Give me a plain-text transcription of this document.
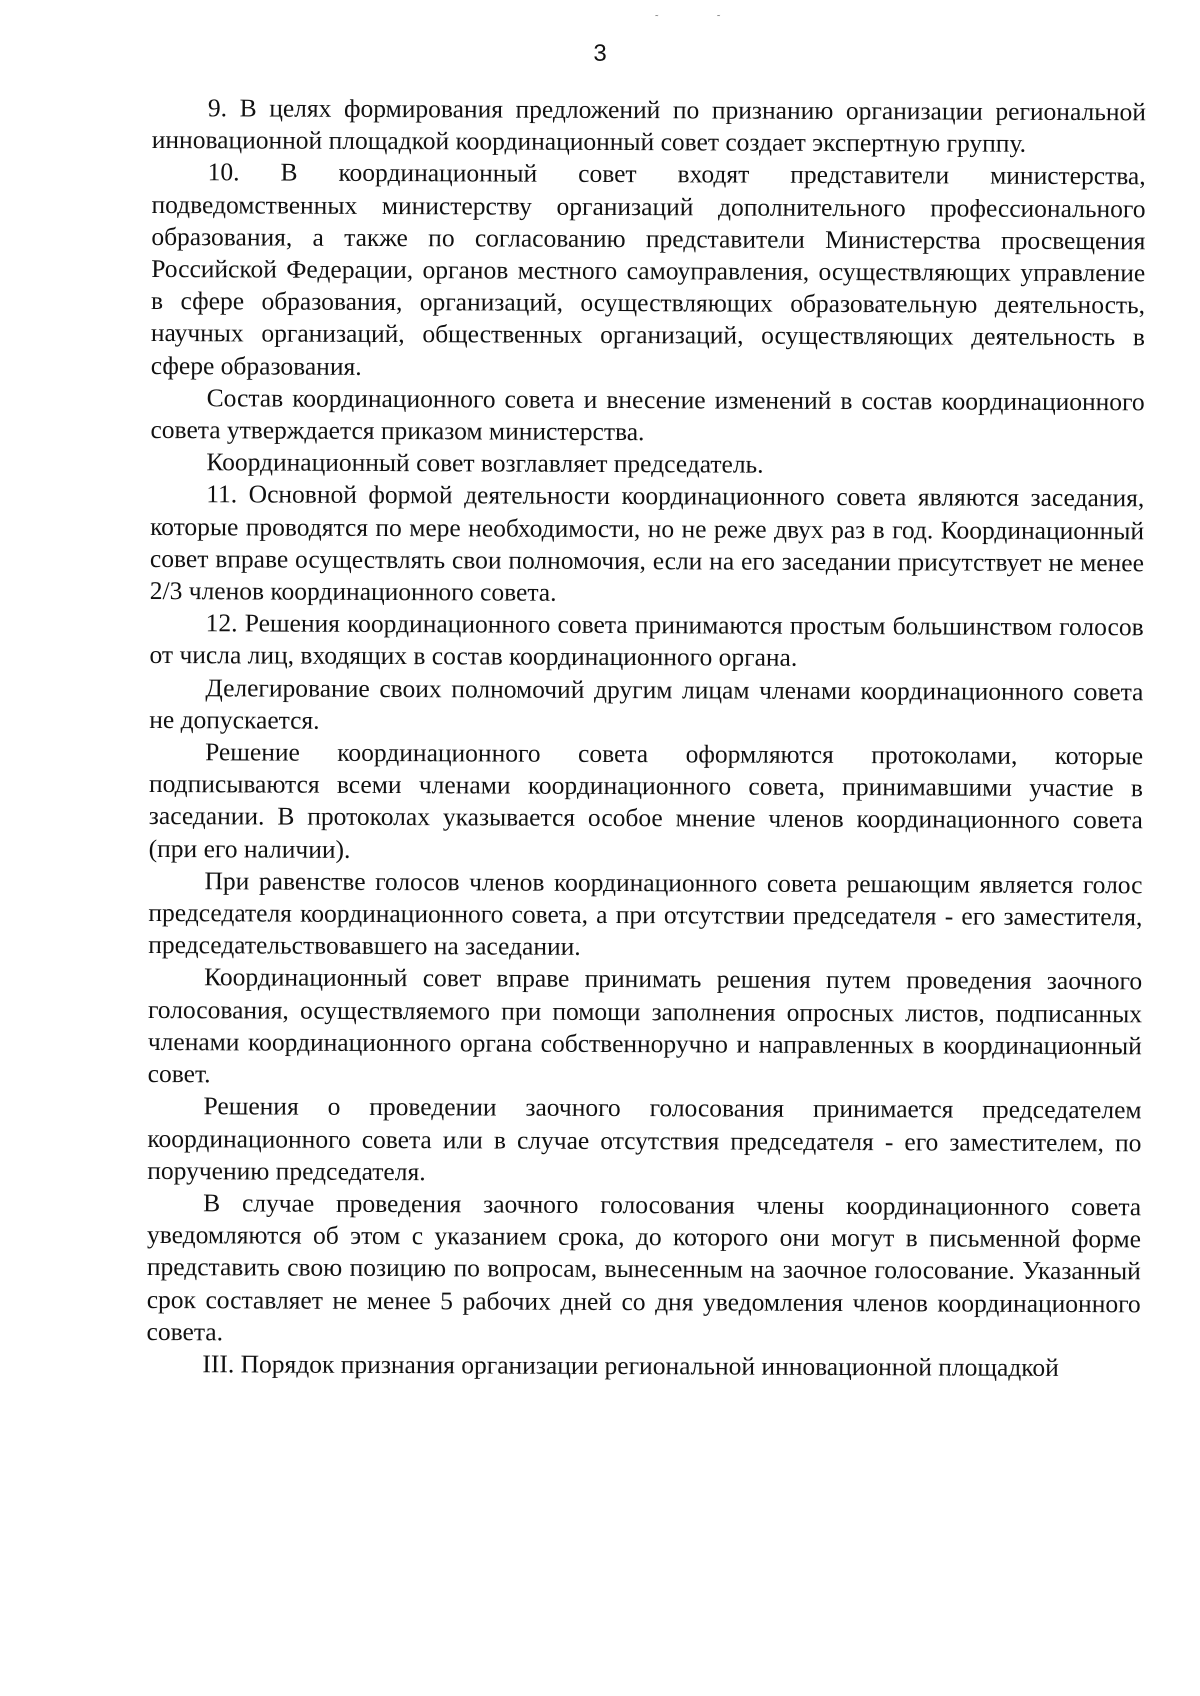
˜ ˜
3

9. В целях формирования предложений по признанию организации региональной инновационной площадкой координационный совет создает экспертную группу.

10. В координационный совет входят представители министерства, подведомственных министерству организаций дополнительного профессионального образования, а также по согласованию представители Министерства просвещения Российской Федерации, органов местного самоуправления, осуществляющих управление в сфере образования, организаций, осуществляющих образовательную деятельность, научных организаций, общественных организаций, осуществляющих деятельность в сфере образования.

Состав координационного совета и внесение изменений в состав координационного совета утверждается приказом министерства.

Координационный совет возглавляет председатель.

11. Основной формой деятельности координационного совета являются заседания, которые проводятся по мере необходимости, но не реже двух раз в год. Координационный совет вправе осуществлять свои полномочия, если на его заседании присутствует не менее 2/3 членов координационного совета.

12. Решения координационного совета принимаются простым большинством голосов от числа лиц, входящих в состав координационного органа.

Делегирование своих полномочий другим лицам членами координационного совета не допускается.

Решение координационного совета оформляются протоколами, которые подписываются всеми членами координационного совета, принимавшими участие в заседании. В протоколах указывается особое мнение членов координационного совета (при его наличии).

При равенстве голосов членов координационного совета решающим является голос председателя координационного совета, а при отсутствии председателя - его заместителя, председательствовавшего на заседании.

Координационный совет вправе принимать решения путем проведения заочного голосования, осуществляемого при помощи заполнения опросных листов, подписанных членами координационного органа собственноручно и направленных в координационный совет.

Решения о проведении заочного голосования принимается председателем координационного совета или в случае отсутствия председателя - его заместителем, по поручению председателя.

В случае проведения заочного голосования члены координационного совета уведомляются об этом с указанием срока, до которого они могут в письменной форме представить свою позицию по вопросам, вынесенным на заочное голосование. Указанный срок составляет не менее 5 рабочих дней со дня уведомления членов координационного совета.

III. Порядок признания организации региональной инновационной площадкой
